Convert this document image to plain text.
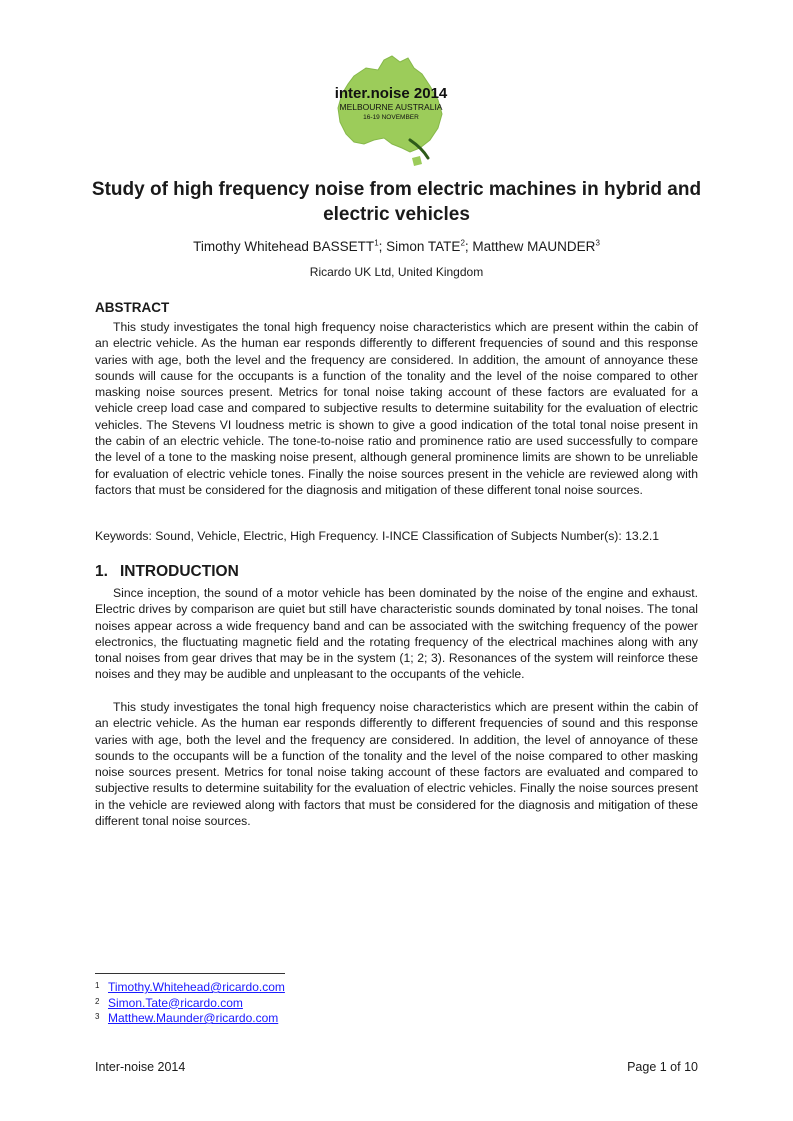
inter.noise 2014
MELBOURNE AUSTRALIA
16-19 NOVEMBER
Study of high frequency noise from electric machines in hybrid and electric vehicles
Timothy Whitehead BASSETT$^1$; Simon TATE$^2$; Matthew MAUNDER$^3$
Ricardo UK Ltd, United Kingdom
ABSTRACT

This study investigates the tonal high frequency noise characteristics which are present within the cabin of an electric vehicle. As the human ear responds differently to different frequencies of sound and this response varies with age, both the level and the frequency are considered. In addition, the amount of annoyance these sounds will cause for the occupants is a function of the tonality and the level of the noise compared to other masking noise sources present. Metrics for tonal noise taking account of these factors are evaluated for a vehicle creep load case and compared to subjective results to determine suitability for the evaluation of electric vehicles. The Stevens VI loudness metric is shown to give a good indication of the total tonal noise present in the cabin of an electric vehicle. The tone-to-noise ratio and prominence ratio are used successfully to compare the level of a tone to the masking noise present, although general prominence limits are shown to be unreliable for evaluation of electric vehicle tones. Finally the noise sources present in the vehicle are reviewed along with factors that must be considered for the diagnosis and mitigation of these different tonal noise sources.

Keywords: Sound, Vehicle, Electric, High Frequency. I-INCE Classification of Subjects Number(s): 13.2.1

1. INTRODUCTION

Since inception, the sound of a motor vehicle has been dominated by the noise of the engine and exhaust. Electric drives by comparison are quiet but still have characteristic sounds dominated by tonal noises. The tonal noises appear across a wide frequency band and can be associated with the switching frequency of the power electronics, the fluctuating magnetic field and the rotating frequency of the electrical machines along with any tonal noises from gear drives that may be in the system (1; 2; 3). Resonances of the system will reinforce these noises and they may be audible and unpleasant to the occupants of the vehicle.

This study investigates the tonal high frequency noise characteristics which are present within the cabin of an electric vehicle. As the human ear responds differently to different frequencies of sound and this response varies with age, both the level and the frequency are considered. In addition, the level of annoyance of these sounds to the occupants will be a function of the tonality and the level of the noise compared to other masking noise sources present. Metrics for tonal noise taking account of these factors are evaluated and compared to subjective results to determine suitability for the evaluation of electric vehicles. Finally the noise sources present in the vehicle are reviewed along with factors that must be considered for the diagnosis and mitigation of these different tonal noise sources.

1 Timothy.Whitehead@ricardo.com
2 Simon.Tate@ricardo.com
3 Matthew.Maunder@ricardo.com
Inter-noise 2014	Page 1 of 10
